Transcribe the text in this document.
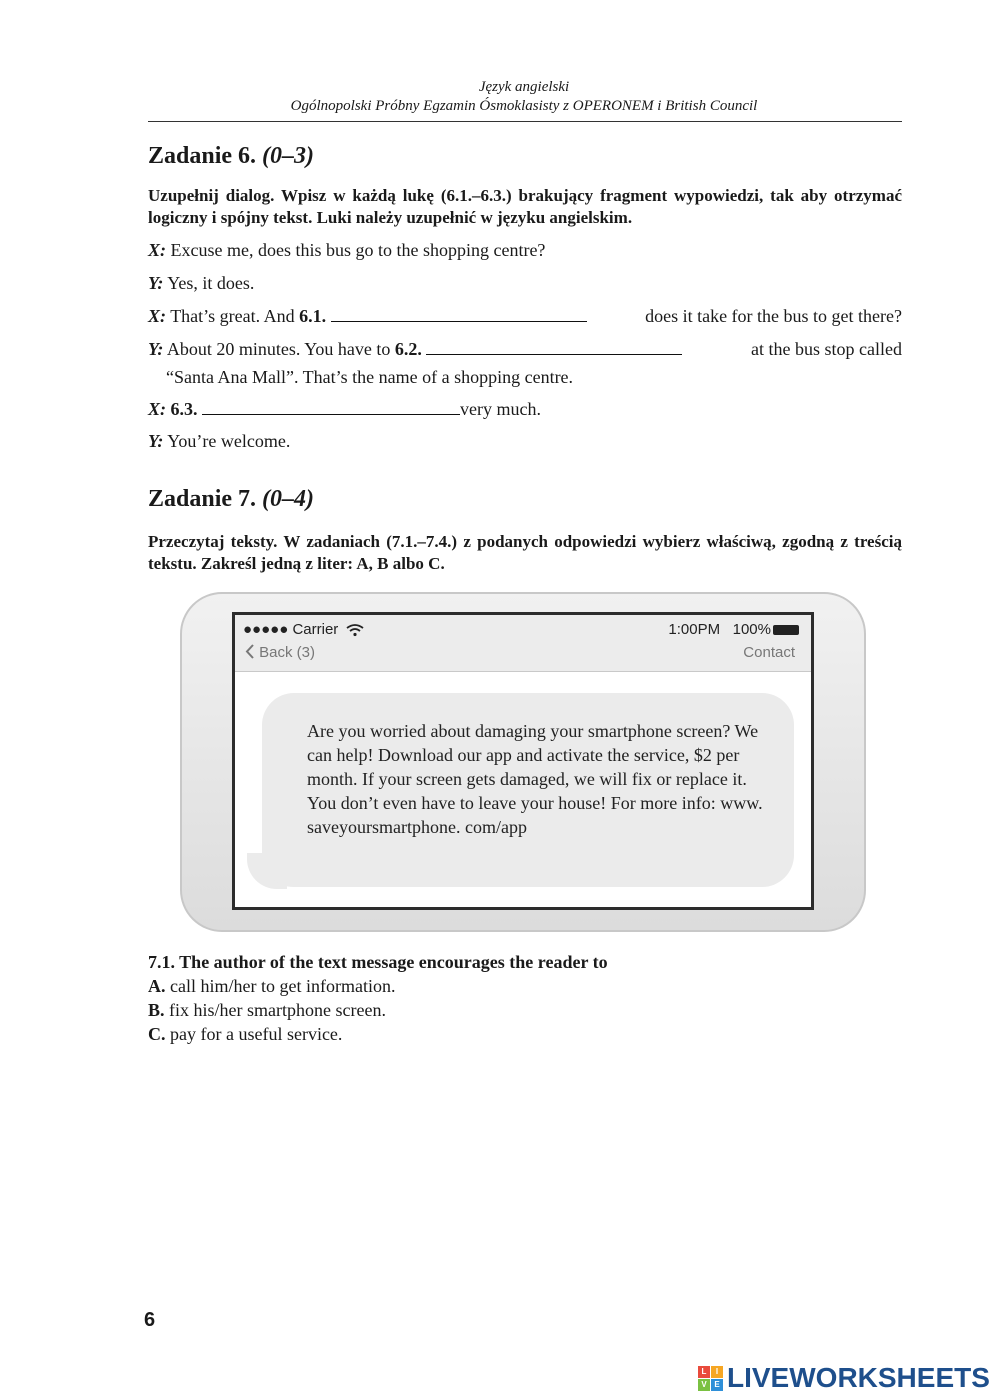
Język angielski
Ogólnopolski Próbny Egzamin Ósmoklasisty z OPERONEM i British Council
Zadanie 6. (0–3)
Uzupełnij dialog. Wpisz w każdą lukę (6.1.–6.3.) brakujący fragment wypowiedzi, tak aby otrzymać logiczny i spójny tekst. Luki należy uzupełnić w języku angielskim.
X: Excuse me, does this bus go to the shopping centre?
Y: Yes, it does.
X: That’s great. And 6.1.	does it take for the bus to get there?
Y: About 20 minutes. You have to 6.2.	at the bus stop called
“Santa Ana Mall”. That’s the name of a shopping centre.
X: 6.3.	very much.
Y: You’re welcome.
Zadanie 7. (0–4)
Przeczytaj teksty. W zadaniach (7.1.–7.4.) z podanych odpowiedzi wybierz właściwą, zgodną z treścią tekstu. Zakreśl jedną z liter: A, B albo C.
●●●●● Carrier	1:00PM 100%
Back (3)	Contact
Are you worried about damaging your smartphone screen? We can help! Download our app and activate the service, $2 per month. If your screen gets damaged, we will fix or replace it. You don’t even have to leave your house! For more info: www. saveyoursmartphone. com/app
7.1. The author of the text message encourages the reader to
A. call him/her to get information.
B. fix his/her smartphone screen.
C. pay for a useful service.
6
L	I
V E LIVEWORKSHEETS
